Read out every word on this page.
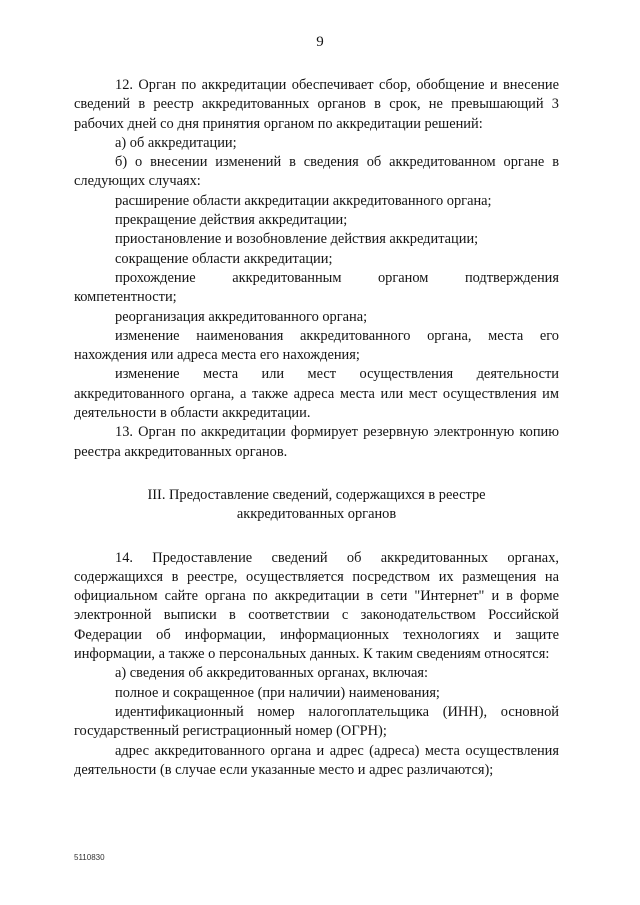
9

12. Орган по аккредитации обеспечивает сбор, обобщение и внесение сведений в реестр аккредитованных органов в срок, не превышающий 3 рабочих дней со дня принятия органом по аккредитации решений:

а) об аккредитации;

б) о внесении изменений в сведения об аккредитованном органе в следующих случаях:

расширение области аккредитации аккредитованного органа;

прекращение действия аккредитации;

приостановление и возобновление действия аккредитации;

сокращение области аккредитации;

прохождение аккредитованным органом подтверждения компетентности;

реорганизация аккредитованного органа;

изменение наименования аккредитованного органа, места его нахождения или адреса места его нахождения;

изменение места или мест осуществления деятельности аккредитованного органа, а также адреса места или мест осуществления им деятельности в области аккредитации.

13. Орган по аккредитации формирует резервную электронную копию реестра аккредитованных органов.

III. Предоставление сведений, содержащихся в реестре
аккредитованных органов

14. Предоставление сведений об аккредитованных органах, содержащихся в реестре, осуществляется посредством их размещения на официальном сайте органа по аккредитации в сети "Интернет" и в форме электронной выписки в соответствии с законодательством Российской Федерации об информации, информационных технологиях и защите информации, а также о персональных данных. К таким сведениям относятся:

а) сведения об аккредитованных органах, включая:

полное и сокращенное (при наличии) наименования;

идентификационный номер налогоплательщика (ИНН), основной государственный регистрационный номер (ОГРН);

адрес аккредитованного органа и адрес (адреса) места осуществления деятельности (в случае если указанные место и адрес различаются);

5110830
